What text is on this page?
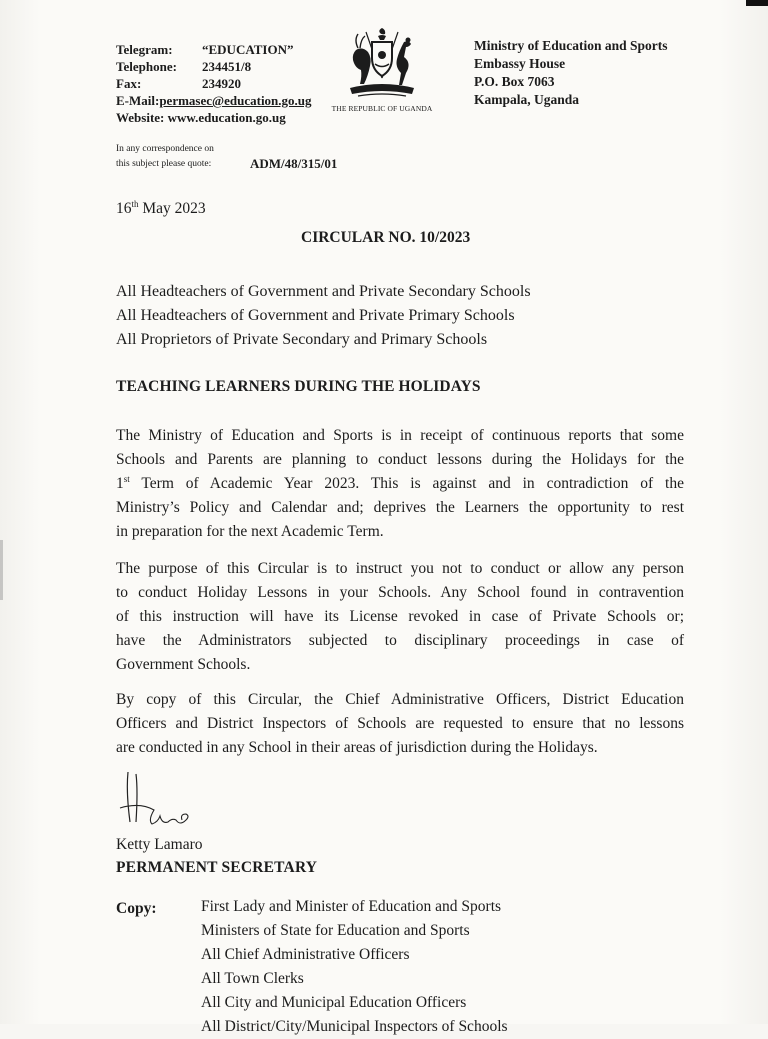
Telegram:	“EDUCATION”
Telephone:	234451/8
Fax:	234920
E-Mail: permasec@education.go.ug
Website: www.education.go.ug
THE REPUBLIC OF UGANDA
Ministry of Education and Sports
Embassy House
P.O. Box 7063
Kampala, Uganda
In any correspondence on
this subject please quote:	ADM/48/315/01
16th May 2023
CIRCULAR NO. 10/2023
All Headteachers of Government and Private Secondary Schools
All Headteachers of Government and Private Primary Schools
All Proprietors of Private Secondary and Primary Schools
TEACHING LEARNERS DURING THE HOLIDAYS
The Ministry of Education and Sports is in receipt of continuous reports that some
Schools and Parents are planning to conduct lessons during the Holidays for the
1st Term of Academic Year 2023. This is against and in contradiction of the
Ministry’s Policy and Calendar and; deprives the Learners the opportunity to rest
in preparation for the next Academic Term.
The purpose of this Circular is to instruct you not to conduct or allow any person
to conduct Holiday Lessons in your Schools. Any School found in contravention
of this instruction will have its License revoked in case of Private Schools or;
have the Administrators subjected to disciplinary proceedings in case of
Government Schools.
By copy of this Circular, the Chief Administrative Officers, District Education
Officers and District Inspectors of Schools are requested to ensure that no lessons
are conducted in any School in their areas of jurisdiction during the Holidays.
Ketty Lamaro
PERMANENT SECRETARY
Copy:	First Lady and Minister of Education and Sports
Ministers of State for Education and Sports
All Chief Administrative Officers
All Town Clerks
All City and Municipal Education Officers
All District/City/Municipal Inspectors of Schools
